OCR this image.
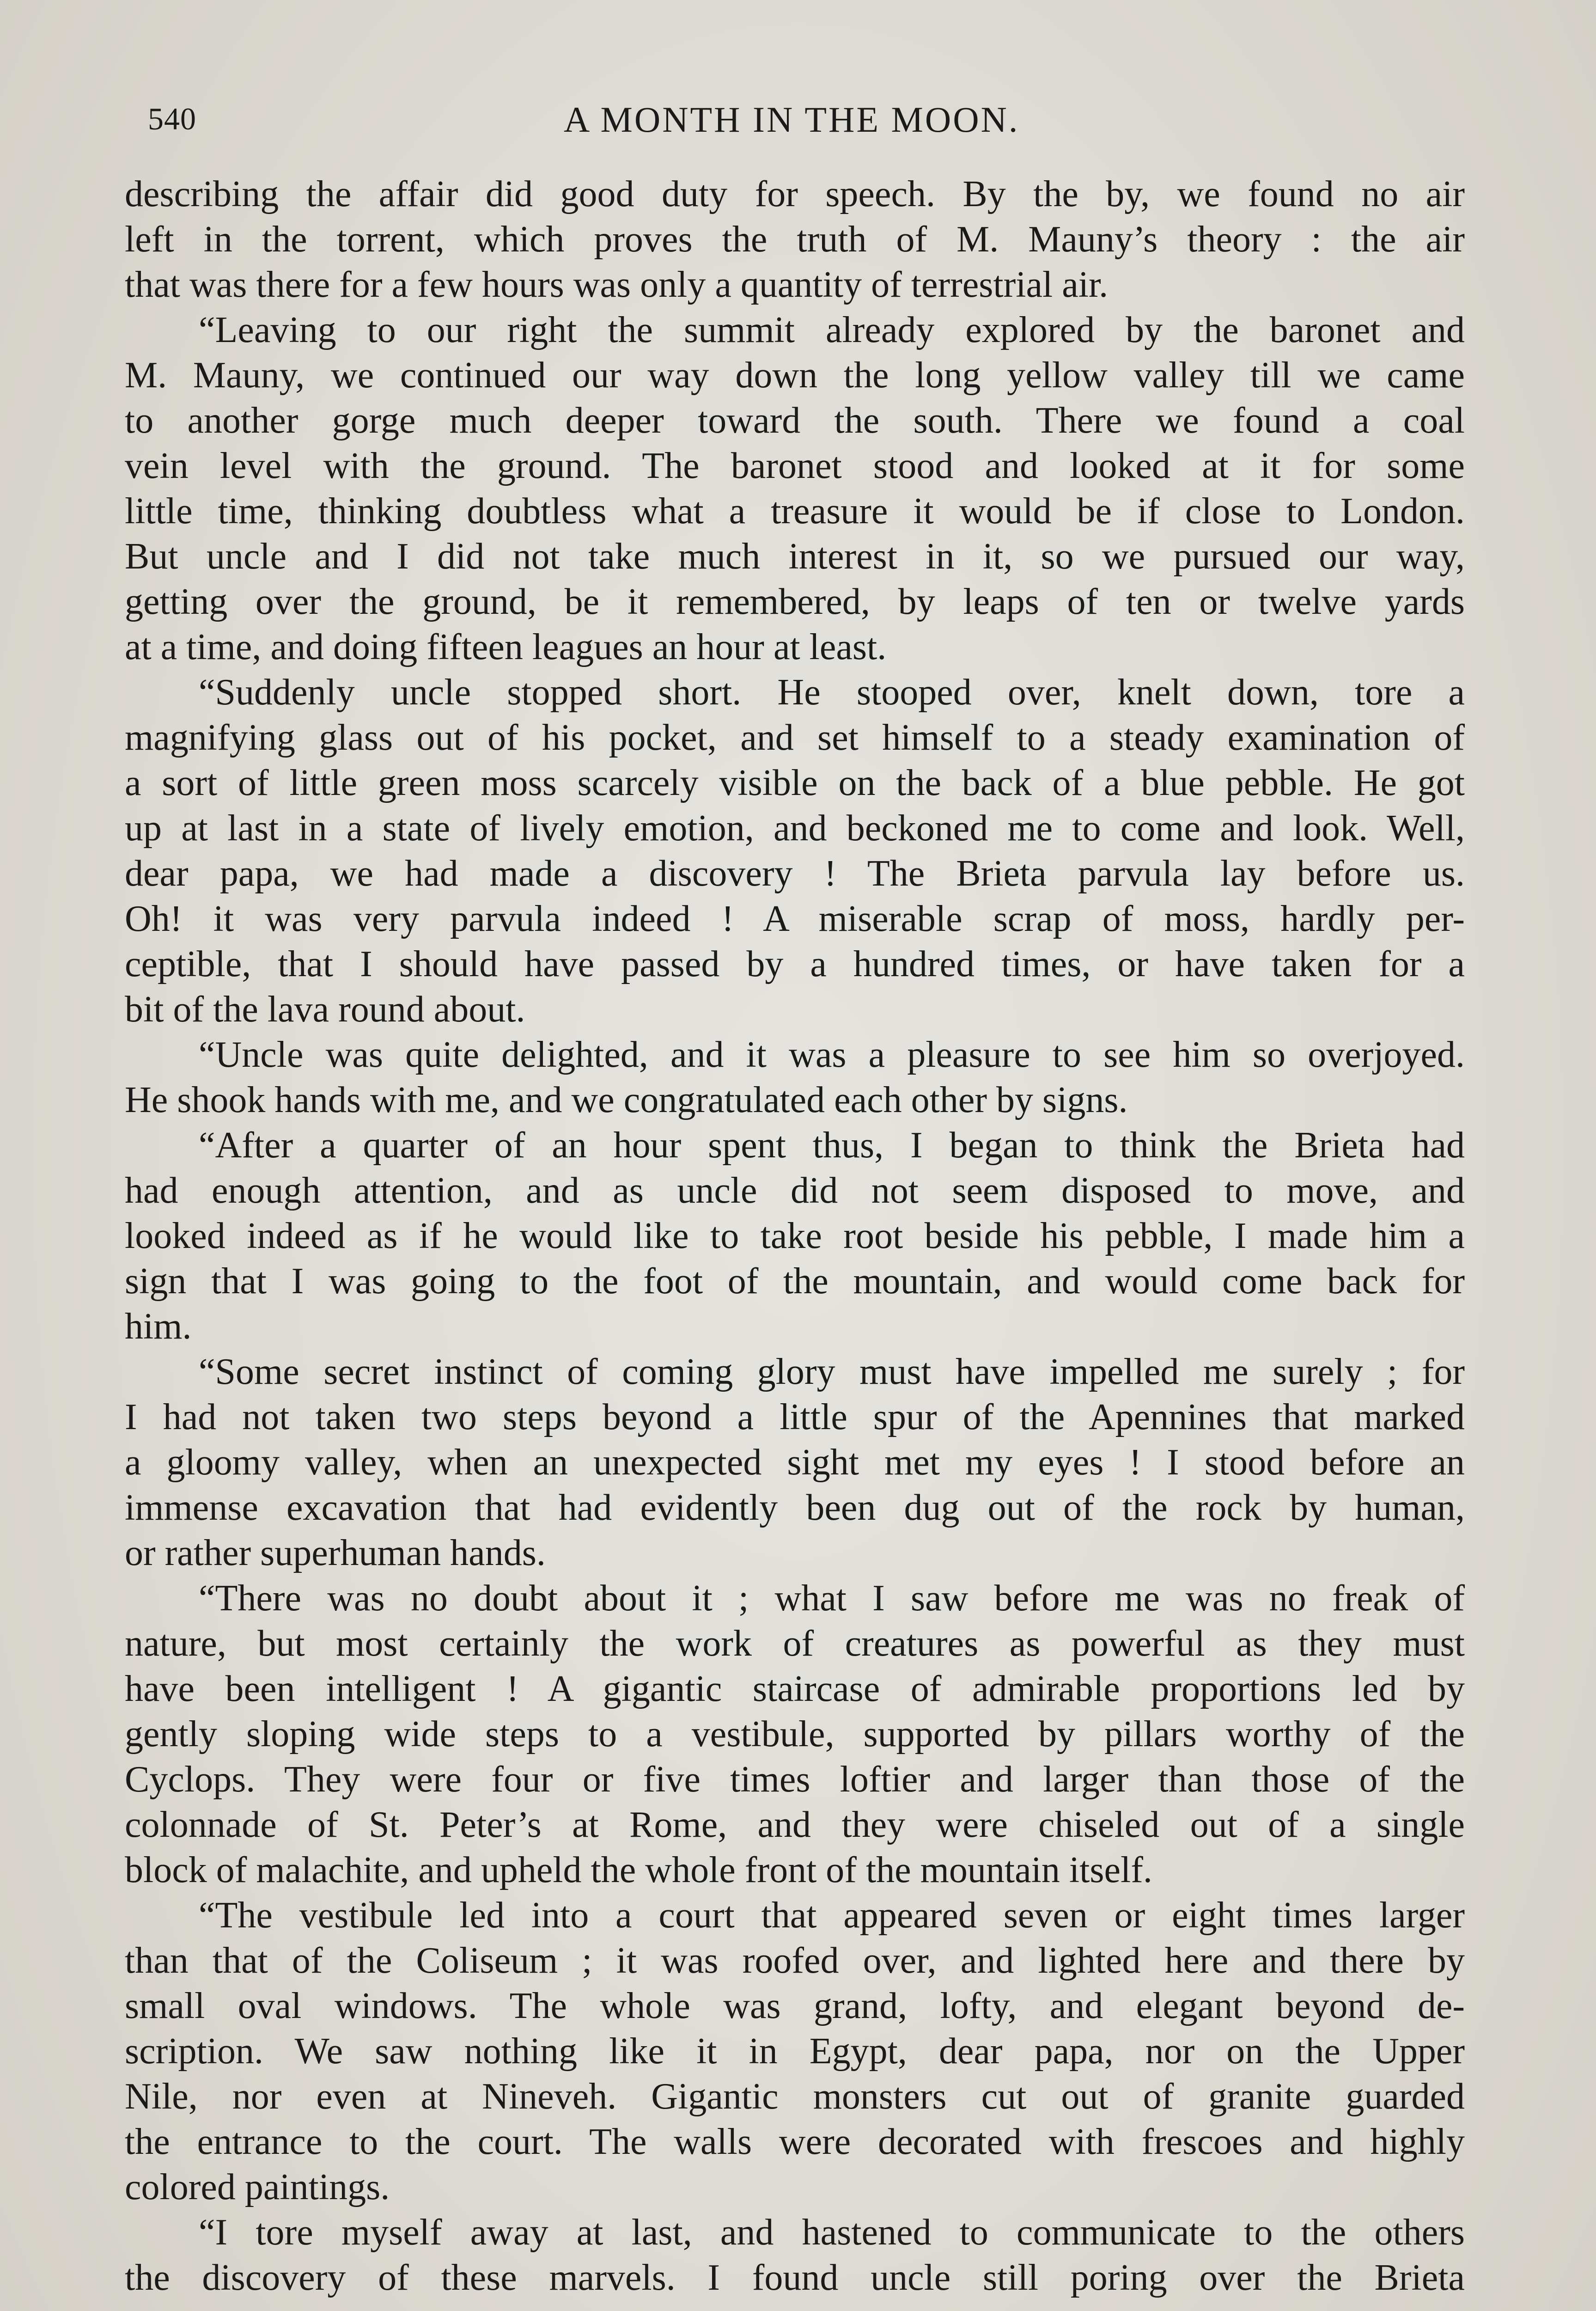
540	A MONTH IN THE MOON.
describing the affair did good duty for speech. By the by, we found no air
left in the torrent, which proves the truth of M. Mauny’s theory : the air
that was there for a few hours was only a quantity of terrestrial air.
“Leaving to our right the summit already explored by the baronet and
M. Mauny, we continued our way down the long yellow valley till we came
to another gorge much deeper toward the south. There we found a coal
vein level with the ground. The baronet stood and looked at it for some
little time, thinking doubtless what a treasure it would be if close to London.
But uncle and I did not take much interest in it, so we pursued our way,
getting over the ground, be it remembered, by leaps of ten or twelve yards
at a time, and doing fifteen leagues an hour at least.
“Suddenly uncle stopped short. He stooped over, knelt down, tore a
magnifying glass out of his pocket, and set himself to a steady examination of
a sort of little green moss scarcely visible on the back of a blue pebble. He got
up at last in a state of lively emotion, and beckoned me to come and look. Well,
dear papa, we had made a discovery ! The Brieta parvula lay before us.
Oh! it was very parvula indeed ! A miserable scrap of moss, hardly per-
ceptible, that I should have passed by a hundred times, or have taken for a
bit of the lava round about.
“Uncle was quite delighted, and it was a pleasure to see him so overjoyed.
He shook hands with me, and we congratulated each other by signs.
“After a quarter of an hour spent thus, I began to think the Brieta had
had enough attention, and as uncle did not seem disposed to move, and
looked indeed as if he would like to take root beside his pebble, I made him a
sign that I was going to the foot of the mountain, and would come back for
him.
“Some secret instinct of coming glory must have impelled me surely ; for
I had not taken two steps beyond a little spur of the Apennines that marked
a gloomy valley, when an unexpected sight met my eyes ! I stood before an
immense excavation that had evidently been dug out of the rock by human,
or rather superhuman hands.
“There was no doubt about it ; what I saw before me was no freak of
nature, but most certainly the work of creatures as powerful as they must
have been intelligent ! A gigantic staircase of admirable proportions led by
gently sloping wide steps to a vestibule, supported by pillars worthy of the
Cyclops. They were four or five times loftier and larger than those of the
colonnade of St. Peter’s at Rome, and they were chiseled out of a single
block of malachite, and upheld the whole front of the mountain itself.
“The vestibule led into a court that appeared seven or eight times larger
than that of the Coliseum ; it was roofed over, and lighted here and there by
small oval windows. The whole was grand, lofty, and elegant beyond de-
scription. We saw nothing like it in Egypt, dear papa, nor on the Upper
Nile, nor even at Nineveh. Gigantic monsters cut out of granite guarded
the entrance to the court. The walls were decorated with frescoes and highly
colored paintings.
“I tore myself away at last, and hastened to communicate to the others
the discovery of these marvels. I found uncle still poring over the Brieta
